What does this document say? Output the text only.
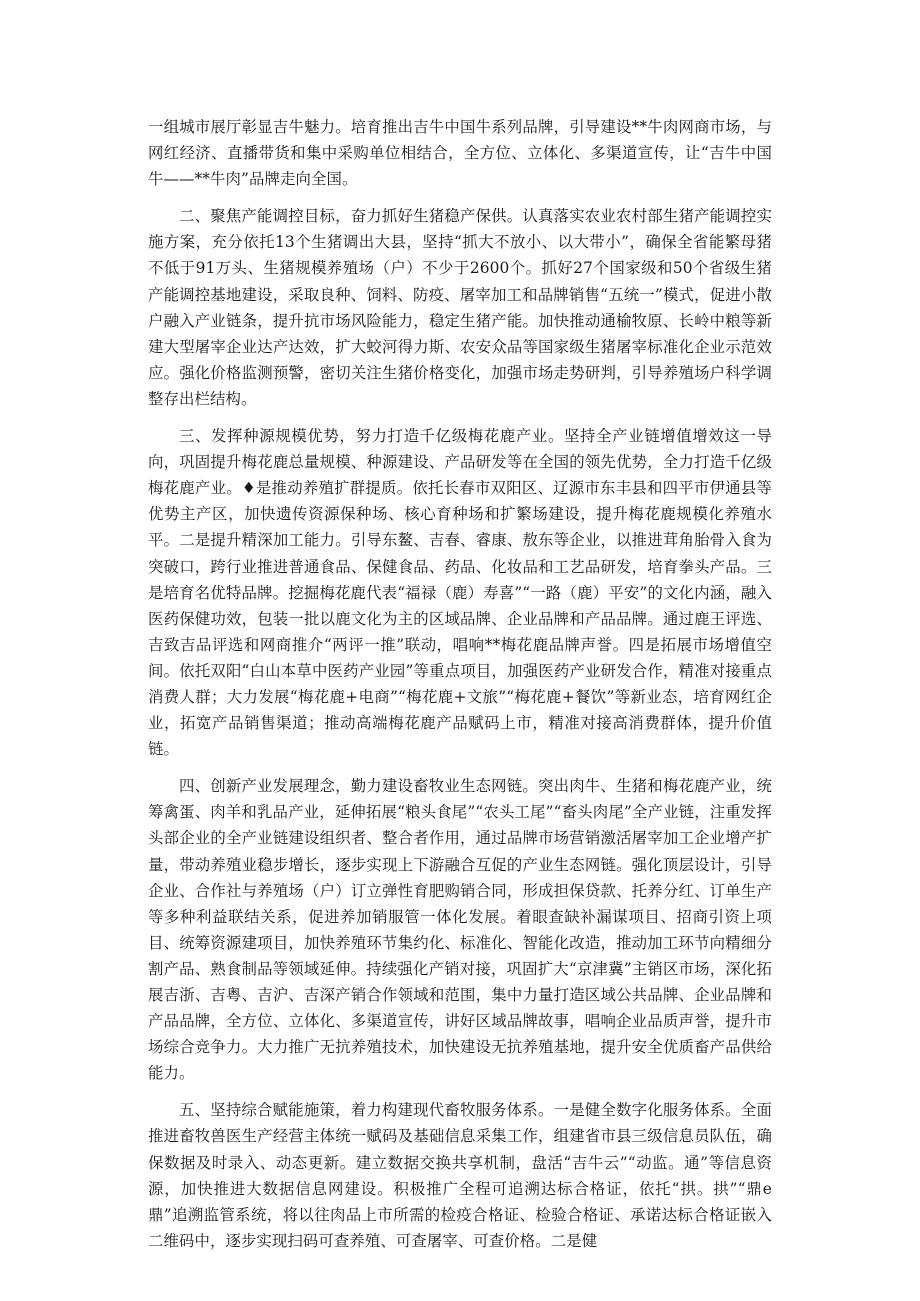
一组城市展厅彰显吉牛魅力。培育推出吉牛中国牛系列品牌，引导建设**牛肉网商市场，与网红经济、直播带货和集中采购单位相结合，全方位、立体化、多渠道宣传，让“吉牛中国牛——**牛肉”品牌走向全国。

二、聚焦产能调控目标，奋力抓好生猪稳产保供。认真落实农业农村部生猪产能调控实施方案，充分依托13个生猪调出大县，坚持“抓大不放小、以大带小”，确保全省能繁母猪不低于91万头、生猪规模养殖场（户）不少于2600个。抓好27个国家级和50个省级生猪产能调控基地建设，采取良种、饲料、防疫、屠宰加工和品牌销售“五统一”模式，促进小散户融入产业链条，提升抗市场风险能力，稳定生猪产能。加快推动通榆牧原、长岭中粮等新建大型屠宰企业达产达效，扩大蛟河得力斯、农安众品等国家级生猪屠宰标准化企业示范效应。强化价格监测预警，密切关注生猪价格变化，加强市场走势研判，引导养殖场户科学调整存出栏结构。

三、发挥种源规模优势，努力打造千亿级梅花鹿产业。坚持全产业链增值增效这一导向，巩固提升梅花鹿总量规模、种源建设、产品研发等在全国的领先优势，全力打造千亿级梅花鹿产业。♦是推动养殖扩群提质。依托长春市双阳区、辽源市东丰县和四平市伊通县等优势主产区，加快遗传资源保种场、核心育种场和扩繁场建设，提升梅花鹿规模化养殖水平。二是提升精深加工能力。引导东鳌、吉春、睿康、敖东等企业，以推进茸角胎骨入食为突破口，跨行业推进普通食品、保健食品、药品、化妆品和工艺品研发，培育拳头产品。三是培育名优特品牌。挖掘梅花鹿代表“福禄（鹿）寿喜”“一路（鹿）平安”的文化内涵，融入医药保健功效，包装一批以鹿文化为主的区域品牌、企业品牌和产品品牌。通过鹿王评选、吉致吉品评选和网商推介“两评一推”联动，唱响**梅花鹿品牌声誉。四是拓展市场增值空间。依托双阳“白山本草中医药产业园”等重点项目，加强医药产业研发合作，精准对接重点消费人群；大力发展“梅花鹿+电商”“梅花鹿+文旅”“梅花鹿+餐饮”等新业态，培育网红企业，拓宽产品销售渠道；推动高端梅花鹿产品赋码上市，精准对接高消费群体，提升价值链。

四、创新产业发展理念，勤力建设畜牧业生态网链。突出肉牛、生猪和梅花鹿产业，统筹禽蛋、肉羊和乳品产业，延伸拓展“粮头食尾”“农头工尾”“畜头肉尾”全产业链，注重发挥头部企业的全产业链建设组织者、整合者作用，通过品牌市场营销激活屠宰加工企业增产扩量，带动养殖业稳步增长，逐步实现上下游融合互促的产业生态网链。强化顶层设计，引导企业、合作社与养殖场（户）订立弹性育肥购销合同，形成担保贷款、托养分红、订单生产等多种利益联结关系，促进养加销服管一体化发展。着眼查缺补漏谋项目、招商引资上项目、统筹资源建项目，加快养殖环节集约化、标准化、智能化改造，推动加工环节向精细分割产品、熟食制品等领域延伸。持续强化产销对接，巩固扩大“京津冀”主销区市场，深化拓展吉浙、吉粤、吉沪、吉深产销合作领域和范围，集中力量打造区域公共品牌、企业品牌和产品品牌，全方位、立体化、多渠道宣传，讲好区域品牌故事，唱响企业品质声誉，提升市场综合竞争力。大力推广无抗养殖技术，加快建设无抗养殖基地，提升安全优质畜产品供给能力。

五、坚持综合赋能施策，着力构建现代畜牧服务体系。一是健全数字化服务体系。全面推进畜牧兽医生产经营主体统一赋码及基础信息采集工作，组建省市县三级信息员队伍，确保数据及时录入、动态更新。建立数据交换共享机制，盘活“吉牛云”“动监。通”等信息资源，加快推进大数据信息网建设。积极推广全程可追溯达标合格证，依托“拱。拱”“鼎e鼎”追溯监管系统，将以往肉品上市所需的检疫合格证、检验合格证、承诺达标合格证嵌入二维码中，逐步实现扫码可查养殖、可查屠宰、可查价格。二是健
